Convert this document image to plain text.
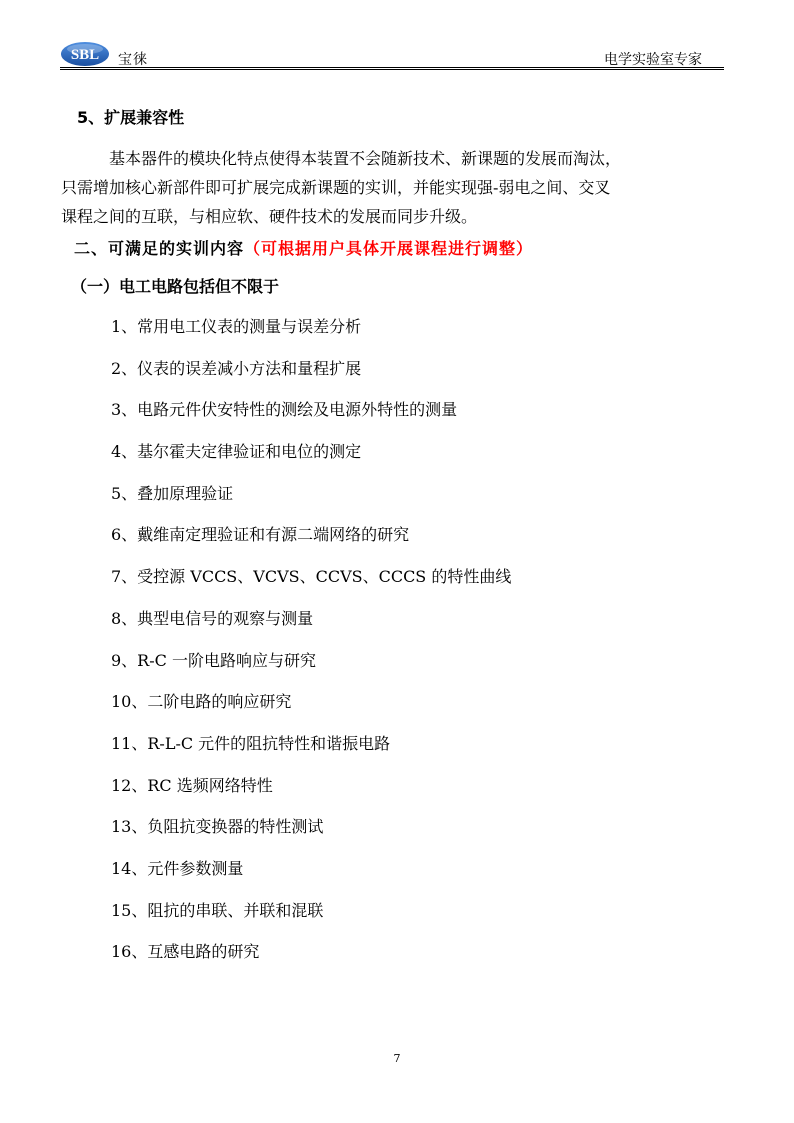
SBL 宝徕	电学实验室专家
5、扩展兼容性
基本器件的模块化特点使得本装置不会随新技术、新课题的发展而淘汰，
只需增加核心新部件即可扩展完成新课题的实训，并能实现强-弱电之间、交叉
课程之间的互联，与相应软、硬件技术的发展而同步升级。
二、可满足的实训内容（可根据用户具体开展课程进行调整）
（一）电工电路包括但不限于
1、常用电工仪表的测量与误差分析
2、仪表的误差减小方法和量程扩展
3、电路元件伏安特性的测绘及电源外特性的测量
4、基尔霍夫定律验证和电位的测定
5、叠加原理验证
6、戴维南定理验证和有源二端网络的研究
7、受控源 VCCS、VCVS、CCVS、CCCS 的特性曲线
8、典型电信号的观察与测量
9、R-C 一阶电路响应与研究
10、二阶电路的响应研究
11、R-L-C 元件的阻抗特性和谐振电路
12、RC 选频网络特性
13、负阻抗变换器的特性测试
14、元件参数测量
15、阻抗的串联、并联和混联
16、互感电路的研究
7
